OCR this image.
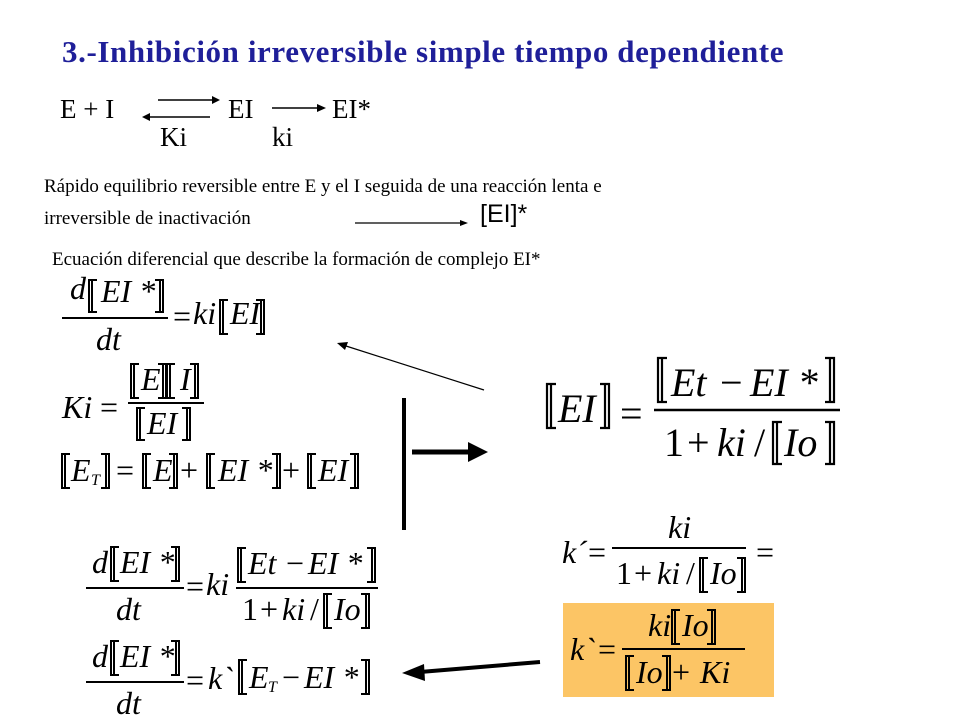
3.-Inhibición irreversible simple tiempo dependiente
E + I	EI	EI*
Ki	ki
Rápido equilibrio reversible entre E y el I seguida de una reacción lenta e
irreversible de inactivación	[EI]*
Ecuación diferencial que describe la formación de complejo EI*
d EI *
dt
= ki EI
Ki =
E I
EI
E T = E + EI * + EI
EI =
Et − EI *
1 + ki / Io
k´ =
ki
1 + ki / Io
=
k` =
ki Io
Io + Ki
d EI *
dt
= ki
Et − EI *
1 + ki / Io
d EI *
dt
= k` E T − EI *
